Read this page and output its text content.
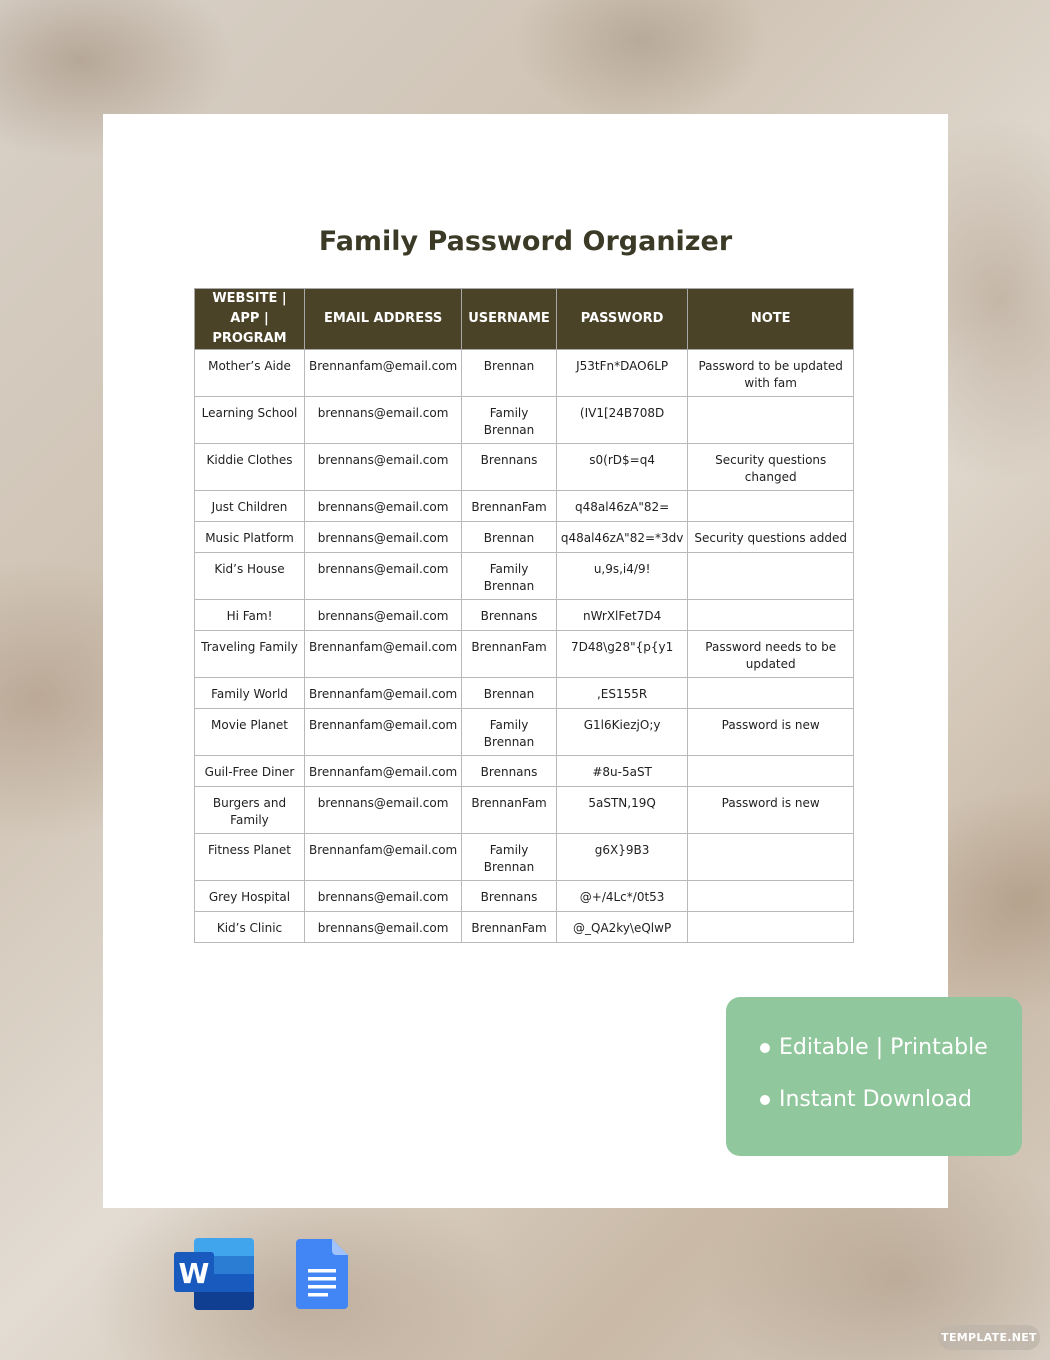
Family Password Organizer
WEBSITE | APP | PROGRAM	EMAIL ADDRESS	USERNAME	PASSWORD	NOTE
Mother’s Aide	Brennanfam@email.com	Brennan	J53tFn*DAO6LP	Password to be updated with fam
Learning School	brennans@email.com	Family Brennan	(IV1[24B708D	
Kiddie Clothes	brennans@email.com	Brennans	s0(rD$=q4	Security questions changed
Just Children	brennans@email.com	BrennanFam	q48al46zA"82=	
Music Platform	brennans@email.com	Brennan	q48al46zA"82=*3dv	Security questions added
Kid’s House	brennans@email.com	Family Brennan	u,9s,i4/9!	
Hi Fam!	brennans@email.com	Brennans	nWrXlFet7D4	
Traveling Family	Brennanfam@email.com	BrennanFam	7D48\g28"{p{y1	Password needs to be updated
Family World	Brennanfam@email.com	Brennan	,ES155R	
Movie Planet	Brennanfam@email.com	Family Brennan	G1l6KiezjO;y	Password is new
Guil-Free Diner	Brennanfam@email.com	Brennans	#8u-5aST	
Burgers and Family	brennans@email.com	BrennanFam	5aSTN,19Q	Password is new
Fitness Planet	Brennanfam@email.com	Family Brennan	g6X}9B3	
Grey Hospital	brennans@email.com	Brennans	@+/4Lc*/0t53	
Kid’s Clinic	brennans@email.com	BrennanFam	@_QA2ky\eQlwP	
Editable | Printable
Instant Download
W
TEMPLATE.NET
